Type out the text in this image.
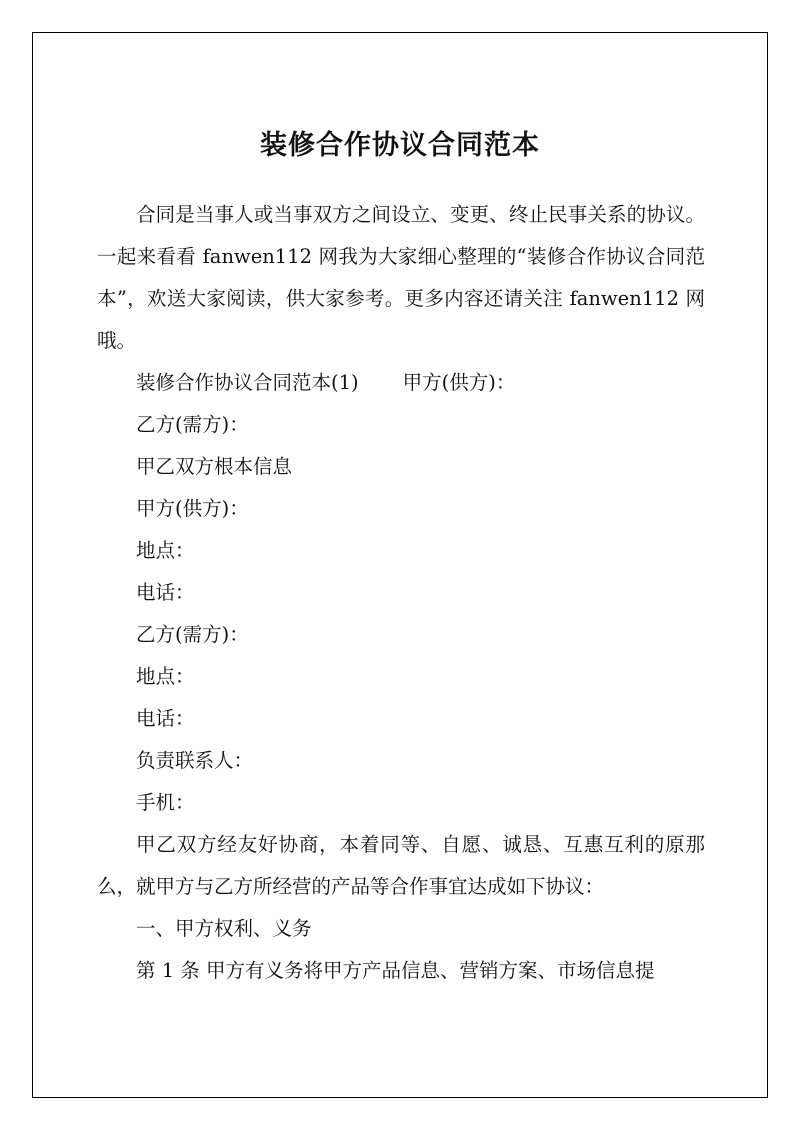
装修合作协议合同范本

合同是当事人或当事双方之间设立、变更、终止民事关系的协议。一起来看看 fanwen112 网我为大家细心整理的“装修合作协议合同范本”，欢送大家阅读，供大家参考。更多内容还请关注 fanwen112 网哦。

装修合作协议合同范本(1) 甲方(供方)：

乙方(需方)：

甲乙双方根本信息

甲方(供方)：

地点：

电话：

乙方(需方)：

地点：

电话：

负责联系人：

手机：

甲乙双方经友好协商，本着同等、自愿、诚恳、互惠互利的原那么，就甲方与乙方所经营的产品等合作事宜达成如下协议：

一、甲方权利、义务

第 1 条 甲方有义务将甲方产品信息、营销方案、市场信息提
